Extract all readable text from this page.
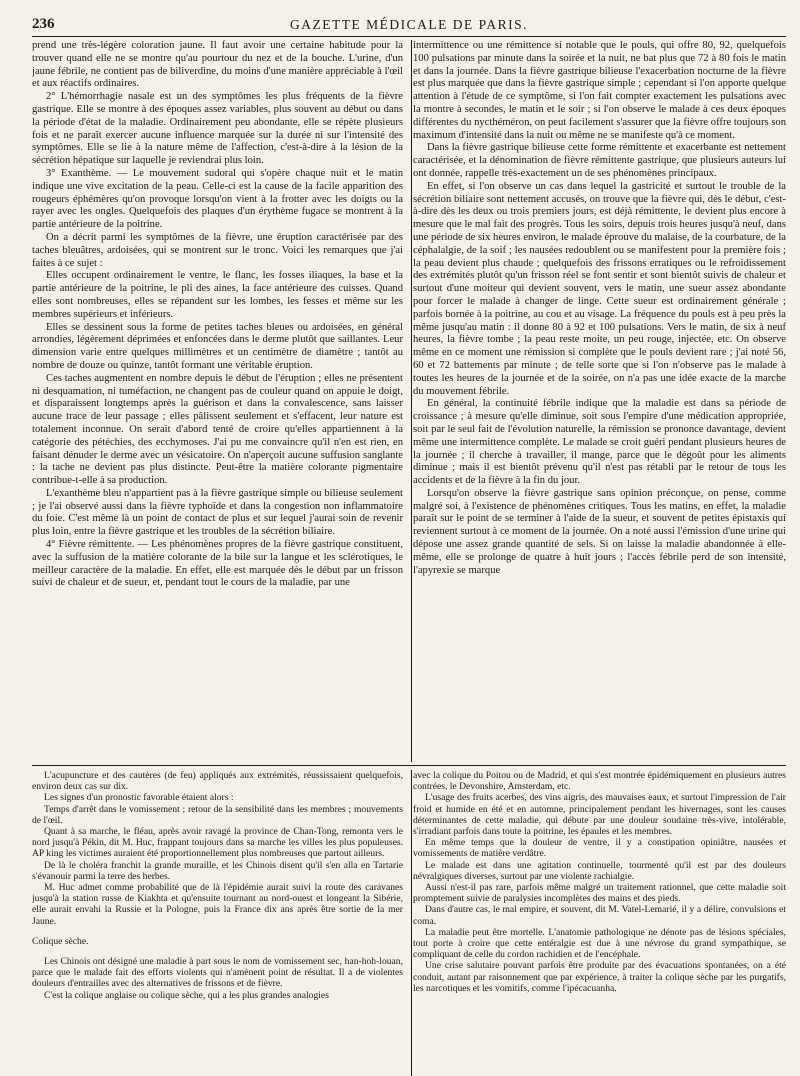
236	GAZETTE MÉDICALE DE PARIS.

prend une très-légère coloration jaune. Il faut avoir une certaine habitude pour la trouver quand elle ne se montre qu'au pourtour du nez et de la bouche. L'urine, d'un jaune fébrile, ne contient pas de biliverdine, du moins d'une manière appréciable à l'œil et aux réactifs ordinaires.

2° L'hémorrhagie nasale est un des symptômes les plus fréquents de la fièvre gastrique. Elle se montre à des époques assez variables, plus souvent au début ou dans la période d'état de la maladie. Ordinairement peu abondante, elle se répète plusieurs fois et ne paraît exercer aucune influence marquée sur la durée ni sur l'intensité des symptômes. Elle se lie à la nature même de l'affection, c'est-à-dire à la lésion de la sécrétion hépatique sur laquelle je reviendrai plus loin.

3° Exanthème. — Le mouvement sudoral qui s'opère chaque nuit et le matin indique une vive excitation de la peau. Celle-ci est la cause de la facile apparition des rougeurs éphémères qu'on provoque lorsqu'on vient à la frotter avec les doigts ou la rayer avec les ongles. Quelquefois des plaques d'un érythème fugace se montrent à la partie antérieure de la poitrine.

On a décrit parmi les symptômes de la fièvre, une éruption caractérisée par des taches bleuâtres, ardoisées, qui se montrent sur le tronc. Voici les remarques que j'ai faites à ce sujet :

Elles occupent ordinairement le ventre, le flanc, les fosses iliaques, la base et la partie antérieure de la poitrine, le pli des aines, la face antérieure des cuisses. Quand elles sont nombreuses, elles se répandent sur les lombes, les fesses et même sur les membres supérieurs et inférieurs.

Elles se dessinent sous la forme de petites taches bleues ou ardoisées, en général arrondies, légèrement déprimées et enfoncées dans le derme plutôt que saillantes. Leur dimension varie entre quelques millimètres et un centimètre de diamètre ; tantôt au nombre de douze ou quinze, tantôt formant une véritable éruption.

Ces taches augmentent en nombre depuis le début de l'éruption ; elles ne présentent ni desquamation, ni tuméfaction, ne changent pas de couleur quand on appuie le doigt, et disparaissent longtemps après la guérison et dans la convalescence, sans laisser aucune trace de leur passage ; elles pâlissent seulement et s'effacent, leur nature est totalement inconnue. On serait d'abord tenté de croire qu'elles appartiennent à la catégorie des pétéchies, des ecchymoses. J'ai pu me convaincre qu'il n'en est rien, en faisant dénuder le derme avec un vésicatoire. On n'aperçoit aucune suffusion sanglante : la tache ne devient pas plus distincte. Peut-être la matière colorante pigmentaire contribue-t-elle à sa production.

L'exanthème bleu n'appartient pas à la fièvre gastrique simple ou bilieuse seulement ; je l'ai observé aussi dans la fièvre typhoïde et dans la congestion non inflammatoire du foie. C'est même là un point de contact de plus et sur lequel j'aurai soin de revenir plus loin, entre la fièvre gastrique et les troubles de la sécrétion biliaire.

4° Fièvre rémittente. — Les phénomènes propres de la fièvre gastrique constituent, avec la suffusion de la matière colorante de la bile sur la langue et les sclérotiques, le meilleur caractère de la maladie. En effet, elle est marquée dès le début par un frisson suivi de chaleur et de sueur, et, pendant tout le cours de la maladie, par une

intermittence ou une rémittence si notable que le pouls, qui offre 80, 92, quelquefois 100 pulsations par minute dans la soirée et la nuit, ne bat plus que 72 à 80 fois le matin et dans la journée. Dans la fièvre gastrique bilieuse l'exacerbation nocturne de la fièvre est plus marquée que dans la fièvre gastrique simple ; cependant si l'on apporte quelque attention à l'étude de ce symptôme, si l'on fait compter exactement les pulsations avec la montre à secondes, le matin et le soir ; si l'on observe le malade à ces deux époques différentes du nycthéméron, on peut facilement s'assurer que la fièvre offre toujours son maximum d'intensité dans la nuit ou même ne se manifeste qu'à ce moment.

Dans la fièvre gastrique bilieuse cette forme rémittente et exacerbante est nettement caractérisée, et la dénomination de fièvre rémittente gastrique, que plusieurs auteurs lui ont donnée, rappelle très-exactement un de ses phénomènes principaux.

En effet, si l'on observe un cas dans lequel la gastricité et surtout le trouble de la sécrétion biliaire sont nettement accusés, on trouve que la fièvre qui, dès le début, c'est-à-dire dès les deux ou trois premiers jours, est déjà rémittente, le devient plus encore à mesure que le mal fait des progrès. Tous les soirs, depuis trois heures jusqu'à neuf, dans une période de six heures environ, le malade éprouve du malaise, de la courbature, de la céphalalgie, de la soif ; les nausées redoublent ou se manifestent pour la première fois ; la peau devient plus chaude ; quelquefois des frissons erratiques ou le refroidissement des extrémités plutôt qu'un frisson réel se font sentir et sont bientôt suivis de chaleur et surtout d'une moiteur qui devient souvent, vers le matin, une sueur assez abondante pour forcer le malade à changer de linge. Cette sueur est ordinairement générale ; parfois bornée à la poitrine, au cou et au visage. La fréquence du pouls est à peu près la même jusqu'au matin : il donne 80 à 92 et 100 pulsations. Vers le matin, de six à neuf heures, la fièvre tombe ; la peau reste moite, un peu rouge, injectée, etc. On observe même en ce moment une rémission si complète que le pouls devient rare ; j'ai noté 56, 60 et 72 battements par minute ; de telle sorte que si l'on n'observe pas le malade à toutes les heures de la journée et de la soirée, on n'a pas une idée exacte de la marche du mouvement fébrile.

En général, la continuité fébrile indique que la maladie est dans sa période de croissance ; à mesure qu'elle diminue, soit sous l'empire d'une médication appropriée, soit par le seul fait de l'évolution naturelle, la rémission se prononce davantage, devient même une intermittence complète. Le malade se croit guéri pendant plusieurs heures de la journée ; il cherche à travailler, il mange, parce que le dégoût pour les aliments diminue ; mais il est bientôt prévenu qu'il n'est pas rétabli par le retour de tous les accidents et de la fièvre à la fin du jour.

Lorsqu'on observe la fièvre gastrique sans opinion préconçue, on pense, comme malgré soi, à l'existence de phénomènes critiques. Tous les matins, en effet, la maladie paraît sur le point de se terminer à l'aide de la sueur, et souvent de petites épistaxis qui reviennent surtout à ce moment de la journée. On a noté aussi l'émission d'une urine qui dépose une assez grande quantité de sels. Si on laisse la maladie abandonnée à elle-même, elle se prolonge de quatre à huit jours ; l'accès fébrile perd de son intensité, l'apyrexie se marque

L'acupuncture et des cautères (de feu) appliqués aux extrémités, réussissaient quelquefois, environ deux cas sur dix.

Les signes d'un pronostic favorable étaient alors :

Temps d'arrêt dans le vomissement ; retour de la sensibilité dans les membres ; mouvements de l'œil.

Quant à sa marche, le fléau, après avoir ravagé la province de Chan-Tong, remonta vers le nord jusqu'à Pékin, dit M. Huc, frappant toujours dans sa marche les villes les plus populeuses. AP king les victimes auraient été proportionnellement plus nombreuses que partout ailleurs.

De là le choléra franchit la grande muraille, et les Chinois disent qu'il s'en alla en Tartarie s'évanouir parmi la terre des herbes.

M. Huc admet comme probabilité que de là l'épidémie aurait suivi la route des caravanes jusqu'à la station russe de Kiakhta et qu'ensuite tournant au nord-ouest et longeant la Sibérie, elle aurait envahi la Russie et la Pologne, puis la France dix ans après être sortie de la mer Jaune.

Colique sèche.

Les Chinois ont désigné une maladie à part sous le nom de vomissement sec, han-hoh-louan, parce que le malade fait des efforts violents qui n'amènent point de résultat. Il a de violentes douleurs d'entrailles avec des alternatives de frissons et de fièvre.

C'est la colique anglaise ou colique sèche, qui a les plus grandes analogies

avec la colique du Poitou ou de Madrid, et qui s'est montrée épidémiquement en plusieurs autres contrées, le Devonshire, Amsterdam, etc.

L'usage des fruits acerbes, des vins aigris, des mauvaises eaux, et surtout l'impression de l'air froid et humide en été et en automne, principalement pendant les hivernages, sont les causes déterminantes de cette maladie, qui débute par une douleur soudaine très-vive, intolérable, s'irradiant parfois dans toute la poitrine, les épaules et les membres.

En même temps que la douleur de ventre, il y a constipation opiniâtre, nausées et vomissements de matière verdâtre.

Le malade est dans une agitation continuelle, tourmenté qu'il est par des douleurs névralgiques diverses, surtout par une violente rachialgie.

Aussi n'est-il pas rare, parfois même malgré un traitement rationnel, que cette maladie soit promptement suivie de paralysies incomplètes des mains et des pieds.

Dans d'autre cas, le mal empire, et souvent, dit M. Vatel-Lemarié, il y a délire, convulsions et coma.

La maladie peut être mortelle. L'anatomie pathologique ne dénote pas de lésions spéciales, tout porte à croire que cette entéralgie est due à une névrose du grand sympathique, se compliquant de celle du cordon rachidien et de l'encéphale.

Une crise salutaire pouvant parfois être produite par des évacuations spontanées, on a été conduit, autant par raisonnement que par expérience, à traiter la colique sèche par les purgatifs, les narcotiques et les vomitifs, comme l'ipécacuanha.
